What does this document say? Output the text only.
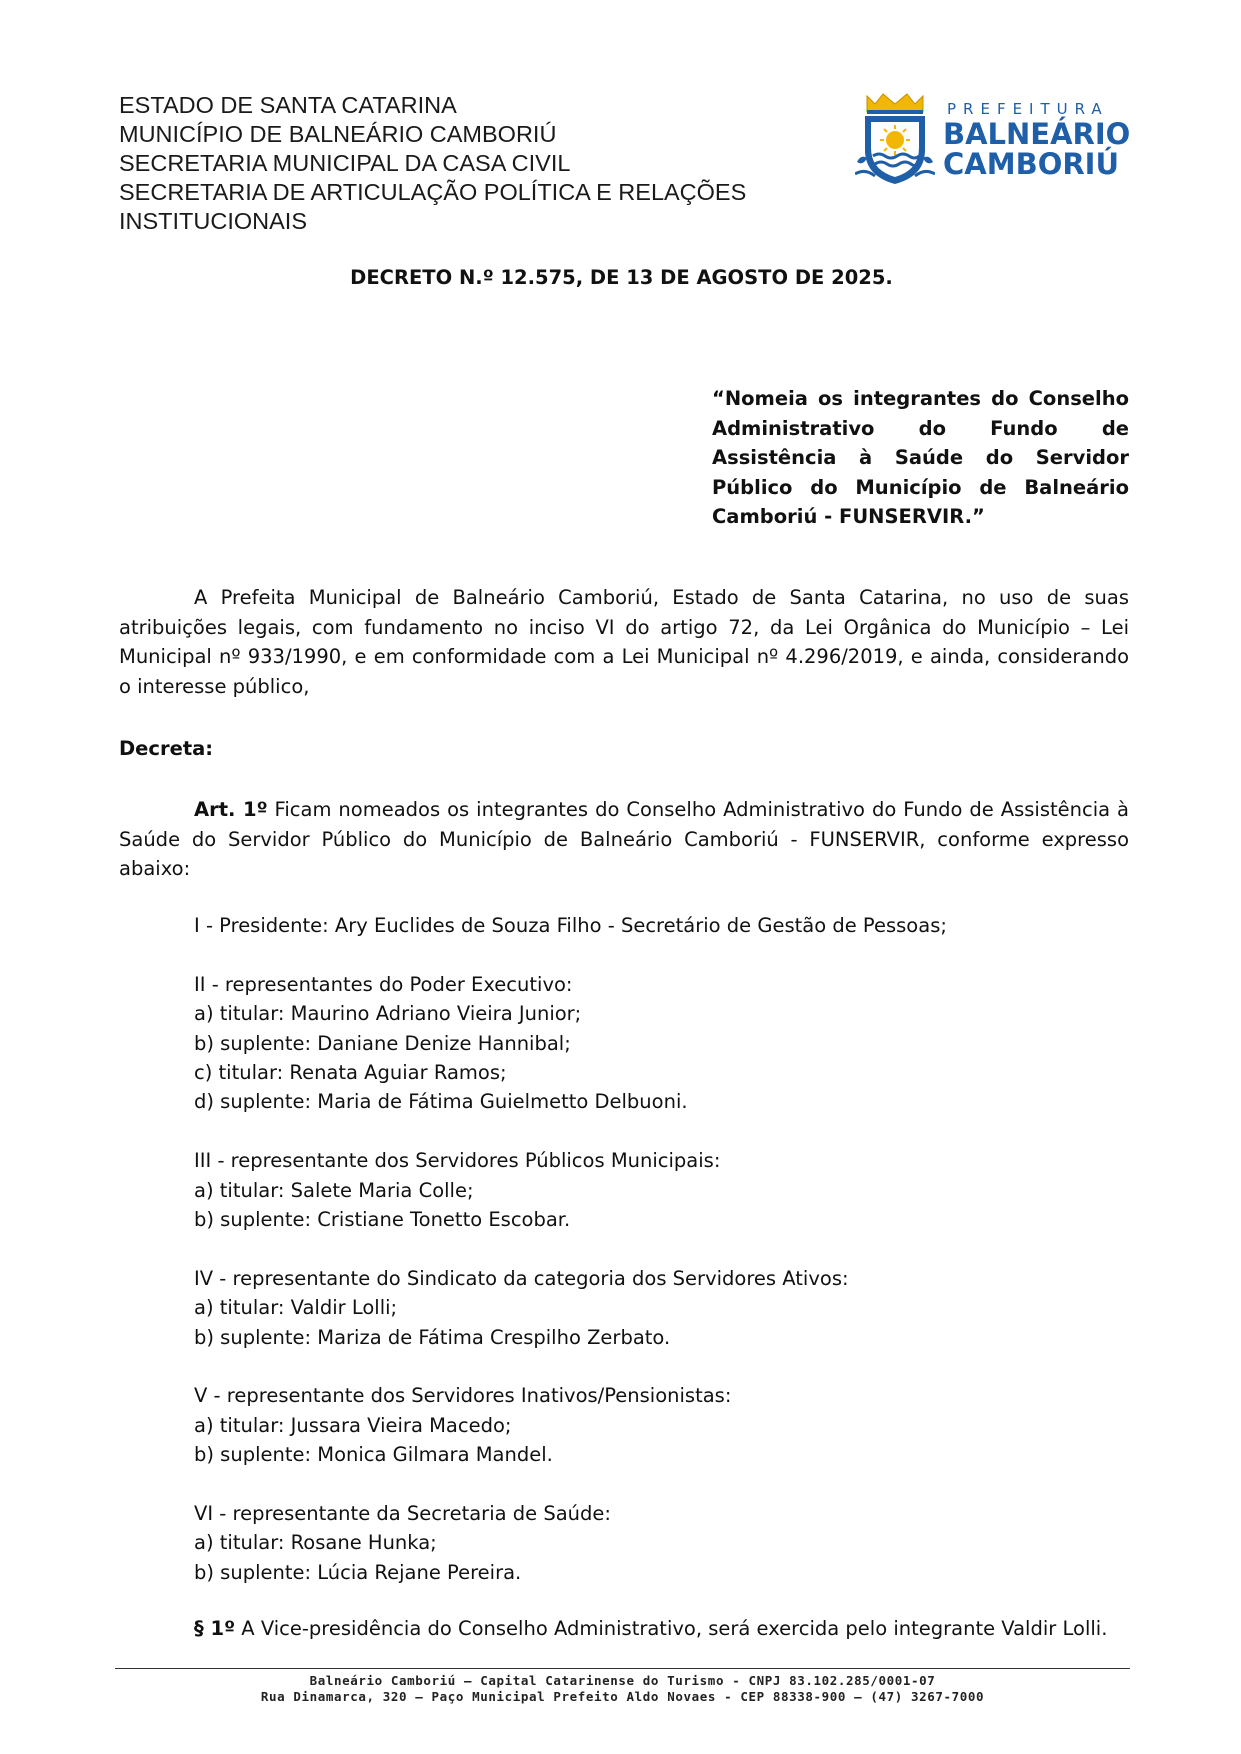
ESTADO DE SANTA CATARINA
MUNICÍPIO DE BALNEÁRIO CAMBORIÚ
SECRETARIA MUNICIPAL DA CASA CIVIL
SECRETARIA DE ARTICULAÇÃO POLÍTICA E RELAÇÕES
INSTITUCIONAIS
PREFEITURA
BALNEÁRIO
CAMBORIÚ
DECRETO N.º 12.575, DE 13 DE AGOSTO DE 2025.
“Nomeia os integrantes do Conselho Administrativo do Fundo de Assistência à Saúde do Servidor Público do Município de Balneário Camboriú - FUNSERVIR.”
A Prefeita Municipal de Balneário Camboriú, Estado de Santa Catarina, no uso de suas atribuições legais, com fundamento no inciso VI do artigo 72, da Lei Orgânica do Município – Lei Municipal nº 933/1990, e em conformidade com a Lei Municipal nº 4.296/2019, e ainda, considerando o interesse público,
Decreta:
Art. 1º Ficam nomeados os integrantes do Conselho Administrativo do Fundo de Assistência à Saúde do Servidor Público do Município de Balneário Camboriú - FUNSERVIR, conforme expresso abaixo:
I - Presidente: Ary Euclides de Souza Filho - Secretário de Gestão de Pessoas;
II - representantes do Poder Executivo:
a) titular: Maurino Adriano Vieira Junior;
b) suplente: Daniane Denize Hannibal;
c) titular: Renata Aguiar Ramos;
d) suplente: Maria de Fátima Guielmetto Delbuoni.
III - representante dos Servidores Públicos Municipais:
a) titular: Salete Maria Colle;
b) suplente: Cristiane Tonetto Escobar.
IV - representante do Sindicato da categoria dos Servidores Ativos:
a) titular: Valdir Lolli;
b) suplente: Mariza de Fátima Crespilho Zerbato.
V - representante dos Servidores Inativos/Pensionistas:
a) titular: Jussara Vieira Macedo;
b) suplente: Monica Gilmara Mandel.
VI - representante da Secretaria de Saúde:
a) titular: Rosane Hunka;
b) suplente: Lúcia Rejane Pereira.
§ 1º A Vice-presidência do Conselho Administrativo, será exercida pelo integrante Valdir Lolli.
Balneário Camboriú – Capital Catarinense do Turismo - CNPJ 83.102.285/0001-07
Rua Dinamarca, 320 – Paço Municipal Prefeito Aldo Novaes - CEP 88338-900 – (47) 3267-7000
